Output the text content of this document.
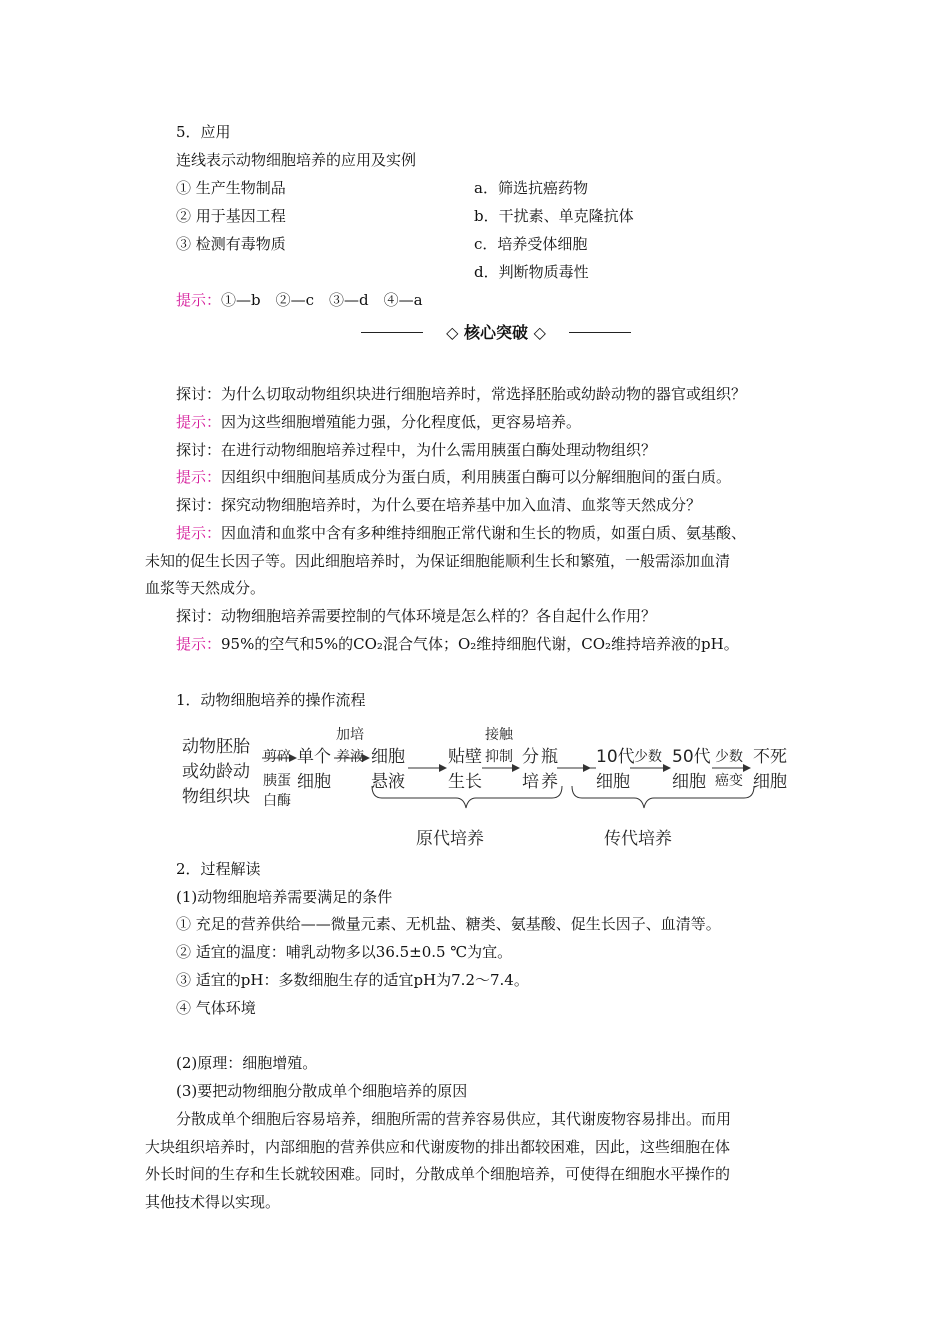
5．应用
连线表示动物细胞培养的应用及实例
① 生产生物制品
② 用于基因工程
③ 检测有毒物质
a．筛选抗癌药物
b．干扰素、单克隆抗体
c．培养受体细胞
d．判断物质毒性
提示：①—b　②—c　③—d　④—a
◇ 核心突破 ◇
探讨：为什么切取动物组织块进行细胞培养时，常选择胚胎或幼龄动物的器官或组织？
提示：因为这些细胞增殖能力强，分化程度低，更容易培养。
探讨：在进行动物细胞培养过程中，为什么需用胰蛋白酶处理动物组织？
提示：因组织中细胞间基质成分为蛋白质，利用胰蛋白酶可以分解细胞间的蛋白质。
探讨：探究动物细胞培养时，为什么要在培养基中加入血清、血浆等天然成分？
提示：因血清和血浆中含有多种维持细胞正常代谢和生长的物质，如蛋白质、氨基酸、
未知的促生长因子等。因此细胞培养时，为保证细胞能顺利生长和繁殖，一般需添加血清
血浆等天然成分。
探讨：动物细胞培养需要控制的气体环境是怎么样的？各自起什么作用？
提示：95%的空气和5%的CO₂混合气体；O₂维持细胞代谢，CO₂维持培养液的pH。
1．动物细胞培养的操作流程
动物胚胎
或幼龄动
物组织块
剪碎
胰蛋
白酶
单个
细胞
加培
养液 细胞
悬液
贴壁
生长
接触
抑制 分瓶
培养
10代
细胞
少数 50代
细胞
少数
癌变
不死
细胞
原代培养	传代培养
2．过程解读
(1)动物细胞培养需要满足的条件
① 充足的营养供给——微量元素、无机盐、糖类、氨基酸、促生长因子、血清等。
② 适宜的温度：哺乳动物多以36.5±0.5 ℃为宜。
③ 适宜的pH：多数细胞生存的适宜pH为7.2～7.4。
④ 气体环境
(2)原理：细胞增殖。
(3)要把动物细胞分散成单个细胞培养的原因
分散成单个细胞后容易培养，细胞所需的营养容易供应，其代谢废物容易排出。而用
大块组织培养时，内部细胞的营养供应和代谢废物的排出都较困难，因此，这些细胞在体
外长时间的生存和生长就较困难。同时，分散成单个细胞培养，可使得在细胞水平操作的
其他技术得以实现。
